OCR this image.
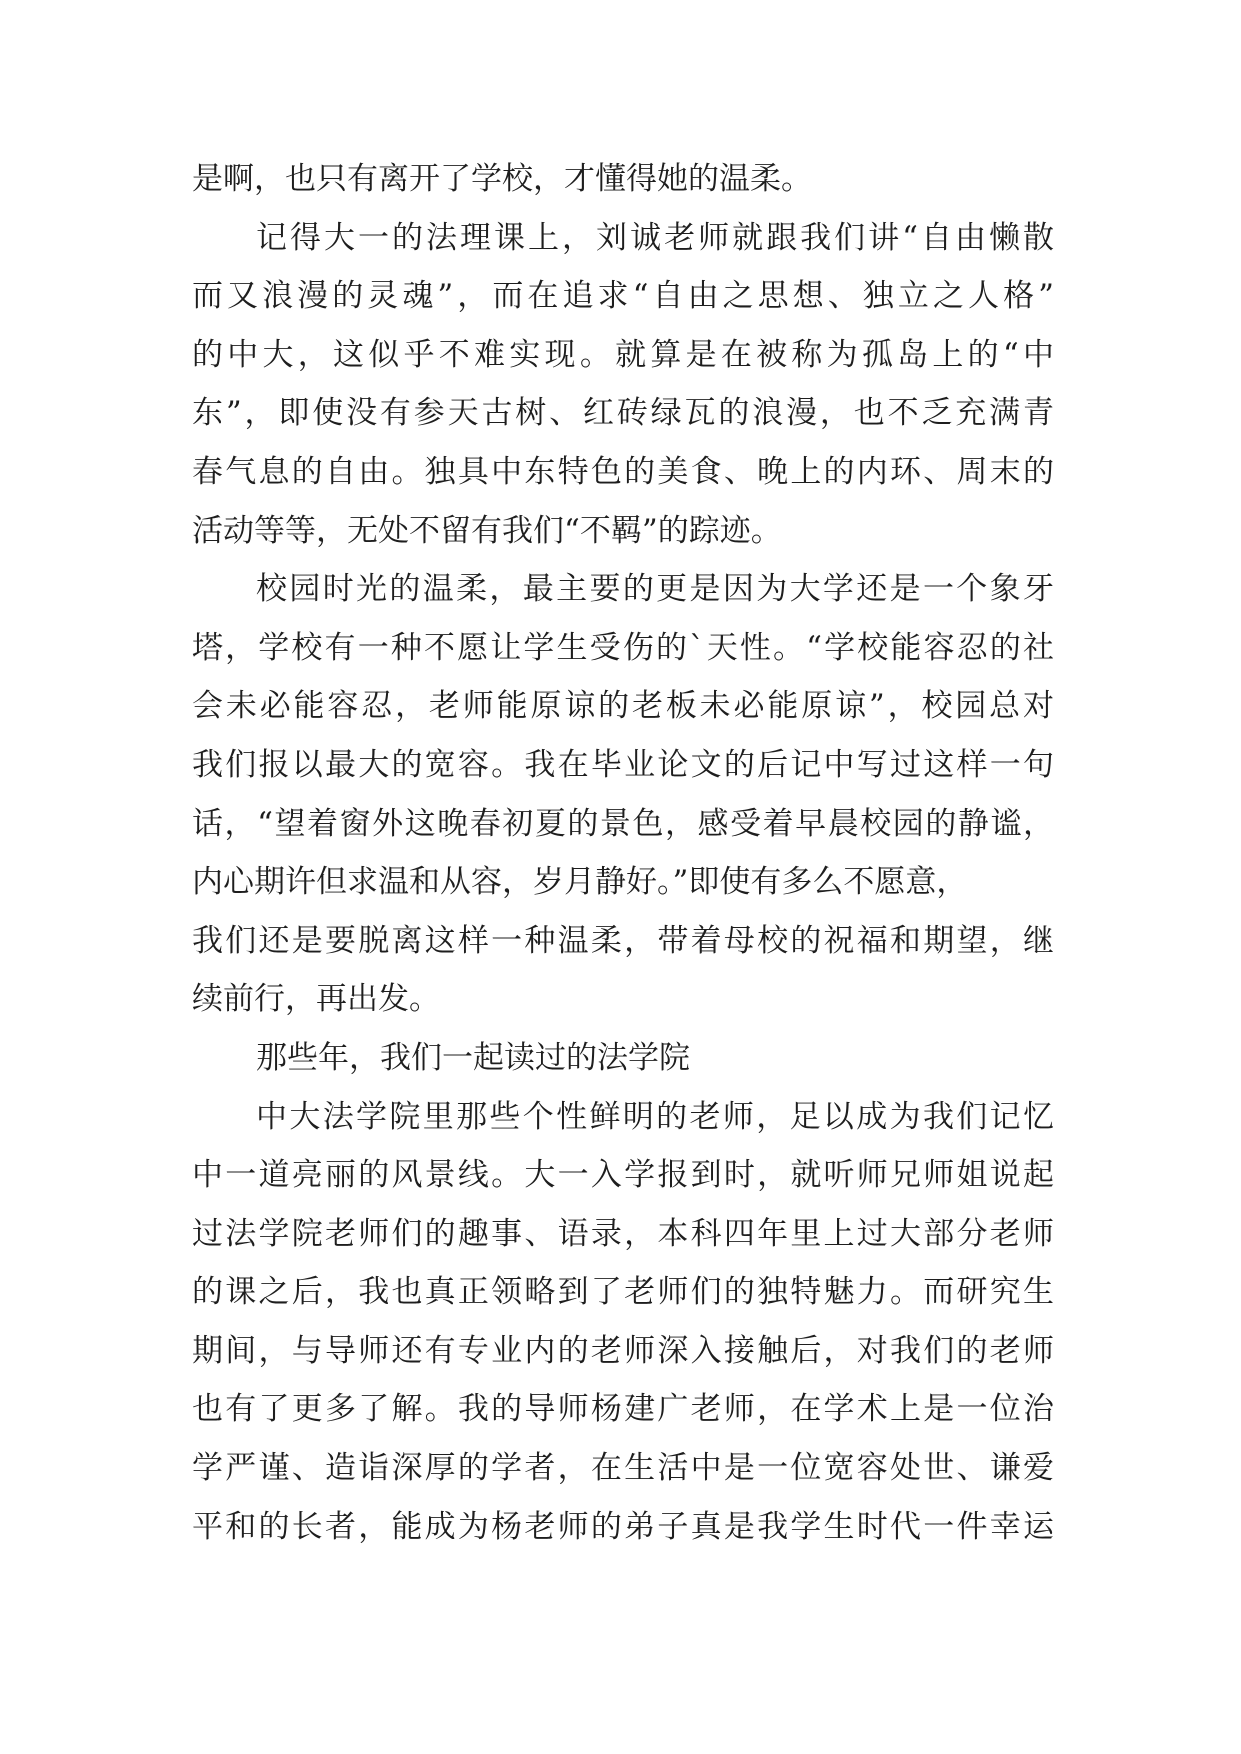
是啊，也只有离开了学校，才懂得她的温柔。
记得大一的法理课上，刘诚老师就跟我们讲“自由懒散
而又浪漫的灵魂”，而在追求“自由之思想、独立之人格”
的中大，这似乎不难实现。就算是在被称为孤岛上的“中
东”，即使没有参天古树、红砖绿瓦的浪漫，也不乏充满青
春气息的自由。独具中东特色的美食、晚上的内环、周末的
活动等等，无处不留有我们“不羁”的踪迹。
校园时光的温柔，最主要的更是因为大学还是一个象牙
塔，学校有一种不愿让学生受伤的`天性。“学校能容忍的社
会未必能容忍，老师能原谅的老板未必能原谅”，校园总对
我们报以最大的宽容。我在毕业论文的后记中写过这样一句
话，“望着窗外这晚春初夏的景色，感受着早晨校园的静谧，
内心期许但求温和从容，岁月静好。”即使有多么不愿意，
我们还是要脱离这样一种温柔，带着母校的祝福和期望，继
续前行，再出发。
那些年，我们一起读过的法学院
中大法学院里那些个性鲜明的老师，足以成为我们记忆
中一道亮丽的风景线。大一入学报到时，就听师兄师姐说起
过法学院老师们的趣事、语录，本科四年里上过大部分老师
的课之后，我也真正领略到了老师们的独特魅力。而研究生
期间，与导师还有专业内的老师深入接触后，对我们的老师
也有了更多了解。我的导师杨建广老师，在学术上是一位治
学严谨、造诣深厚的学者，在生活中是一位宽容处世、谦爱
平和的长者，能成为杨老师的弟子真是我学生时代一件幸运
